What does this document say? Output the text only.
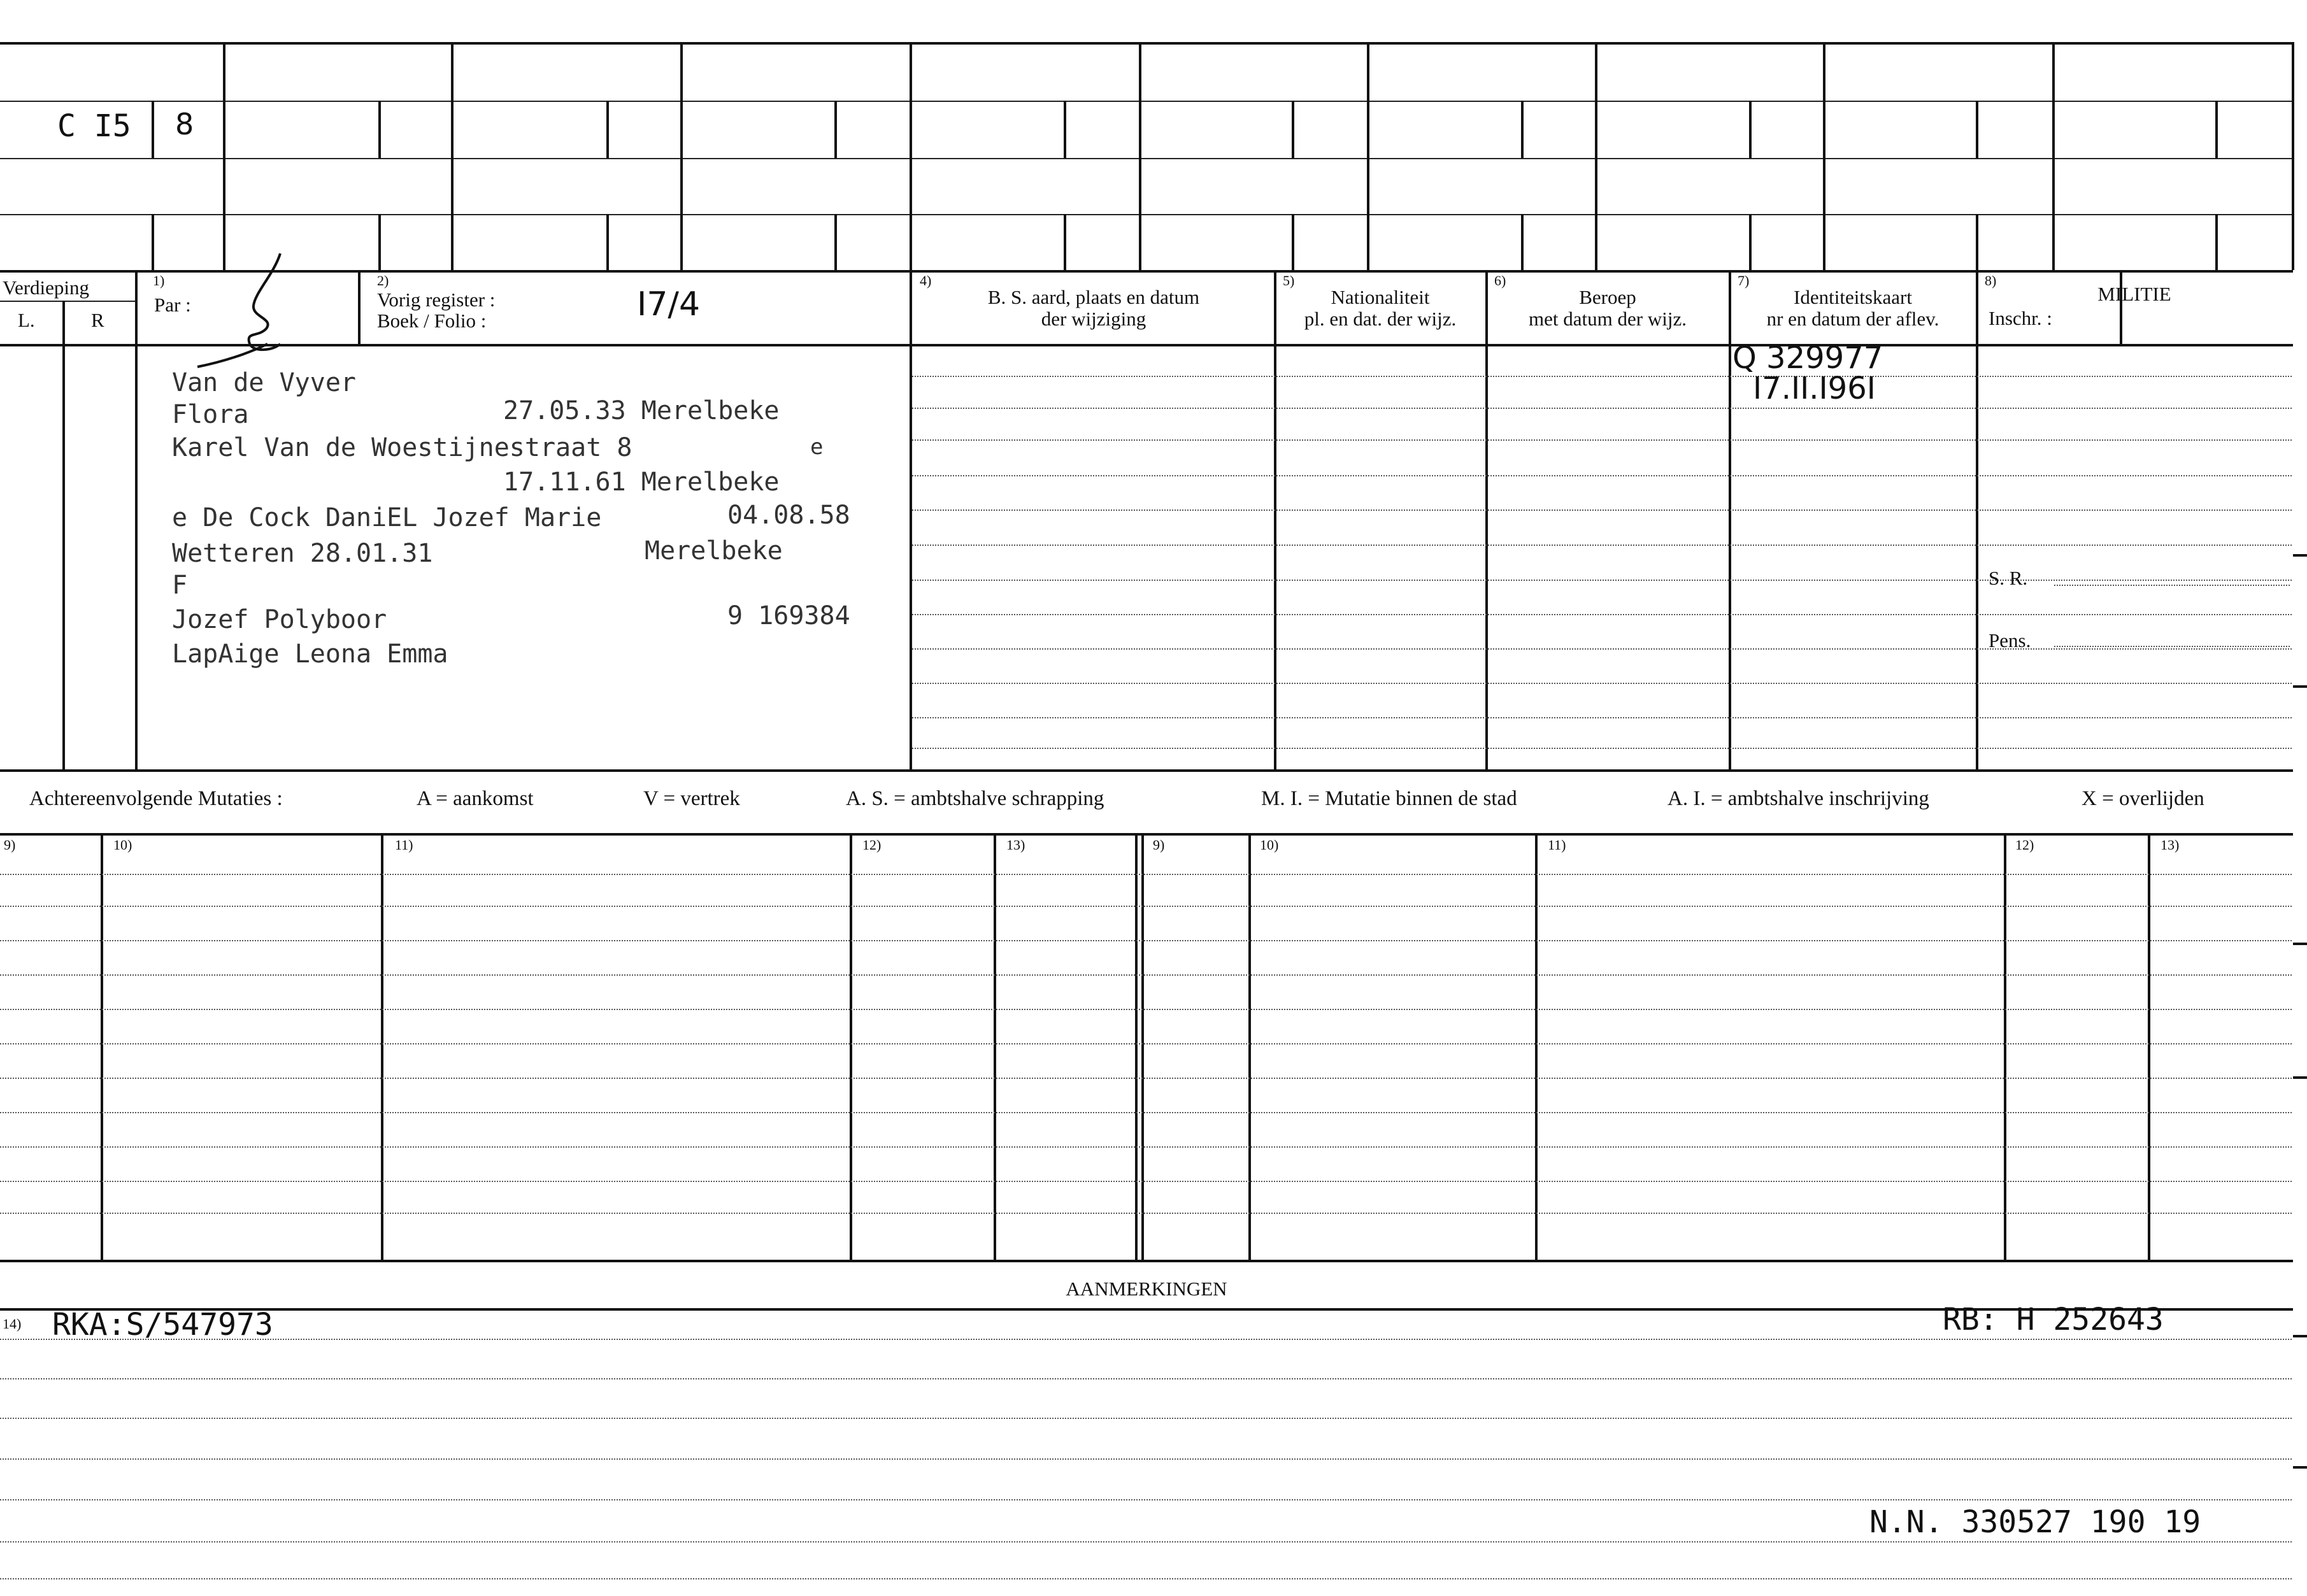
C I5 8
Verdieping
L.	R
1)
Par :
2)
Vorig register :
Boek / Folio :	I7/4
4)
B. S. aard, plaats en datum
der wijziging
5)
Nationaliteit
pl. en dat. der wijz.
6)
Beroep
met datum der wijz.
7)
Identiteitskaart
nr en datum der aflev.
8)
MILITIE
Inschr. :
S. R.
Pens.
Van de Vyver
Flora	27.05.33 Merelbeke
Karel Van de Woestijnestraat 8	e
17.11.61 Merelbeke
e De Cock DaniEL Jozef Marie	04.08.58
Wetteren 28.01.31	Merelbeke
F
Jozef Polyboor	9 169384
LapAige Leona Emma
Q 329977
I7.II.I96I
Achtereenvolgende Mutaties :	A = aankomst	V = vertrek	A. S. = ambtshalve schrapping	M. I. = Mutatie binnen de stad	A. I. = ambtshalve inschrijving	X = overlijden
9)	10)	11)	12)	13)	9)	10)	11)	12)	13)
AANMERKINGEN
14) RKA:S/547973	RB: H 252643
N.N. 330527 190 19
